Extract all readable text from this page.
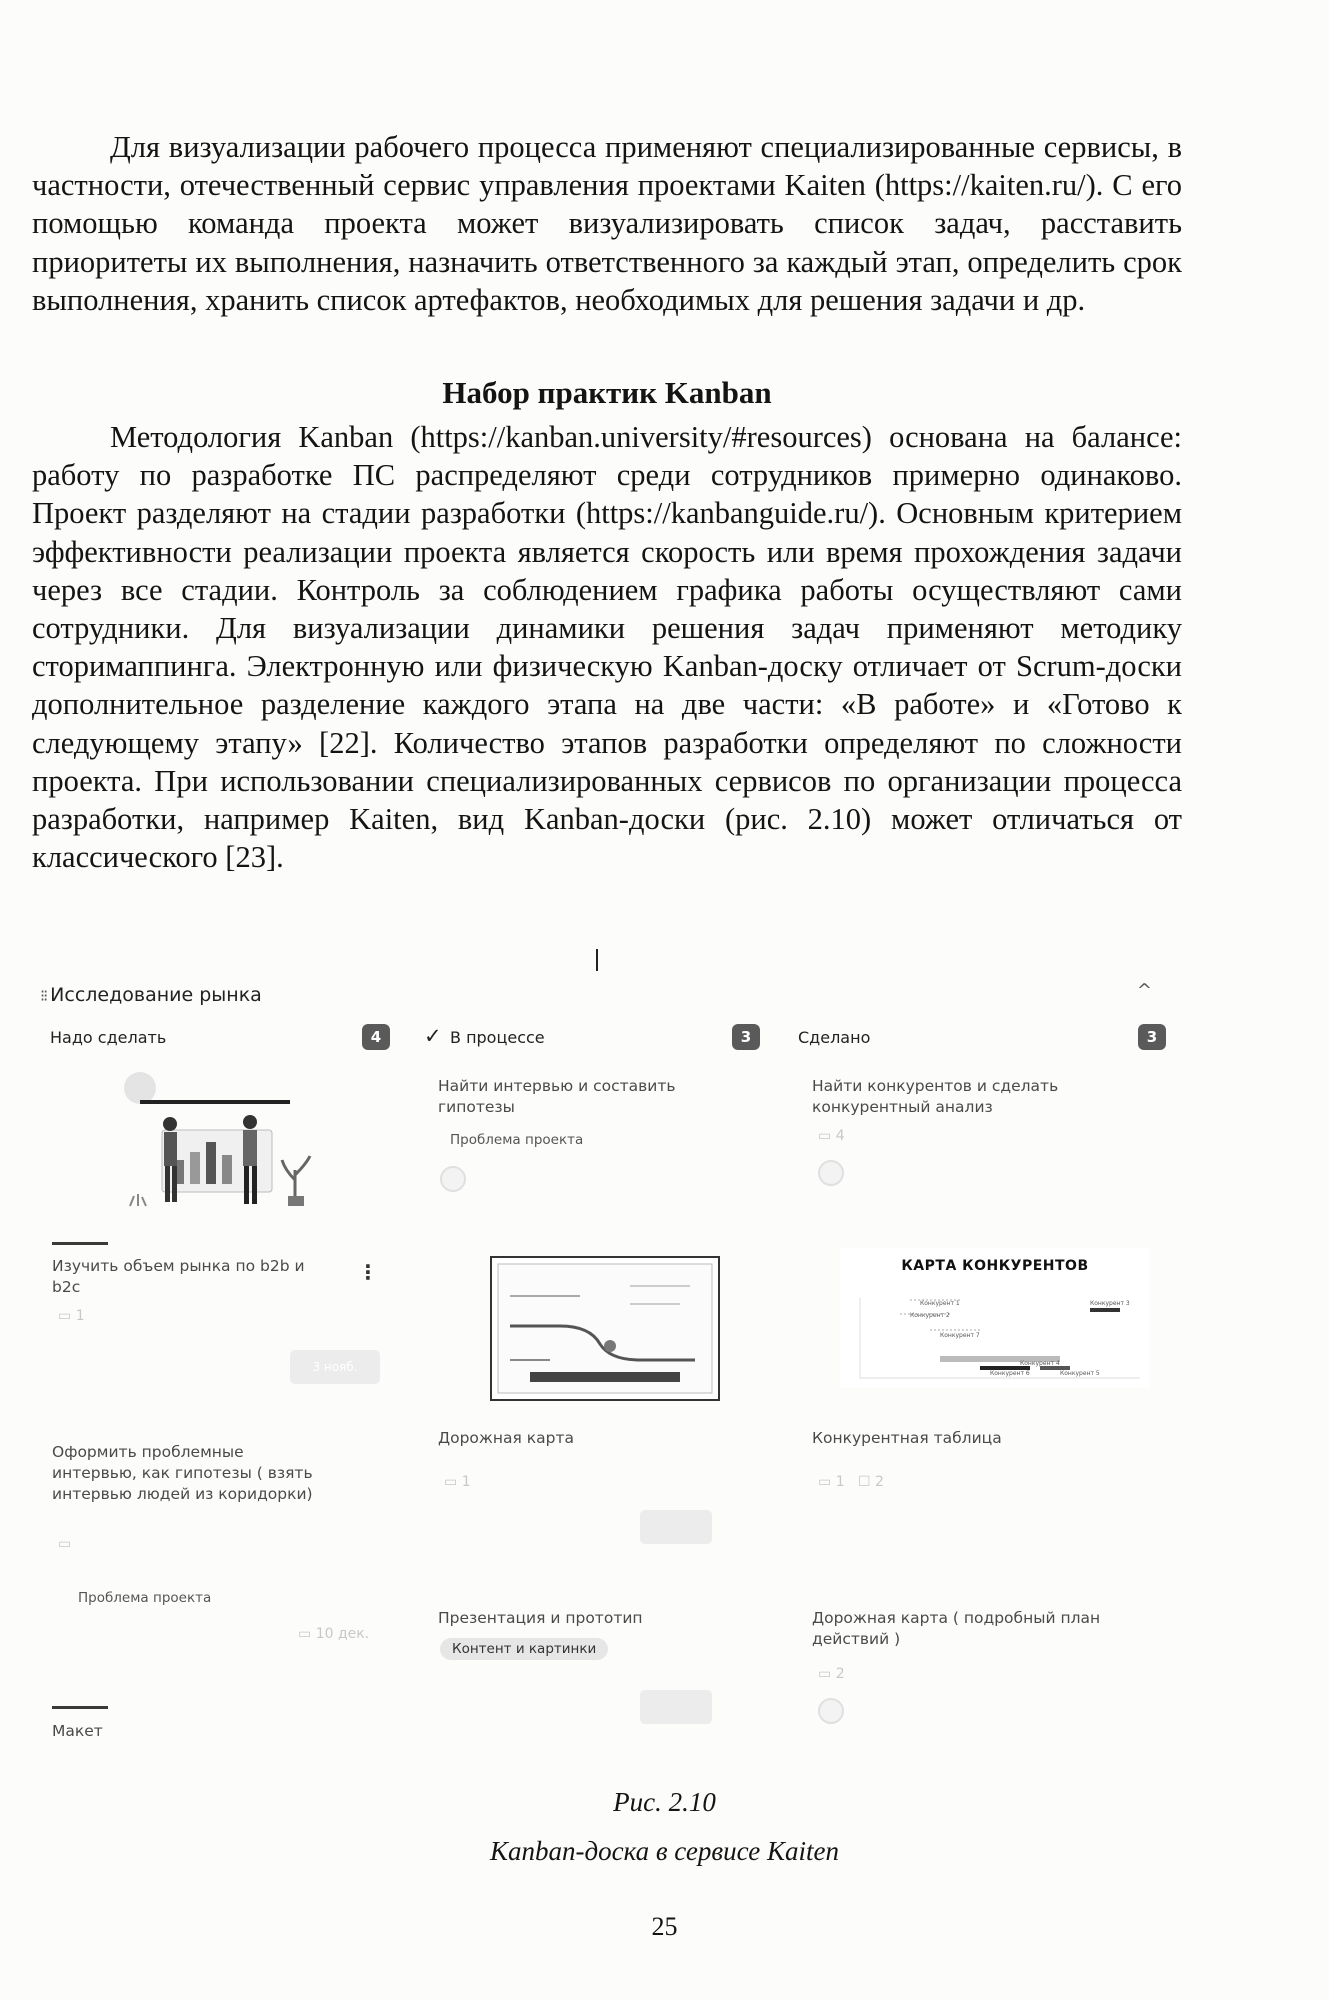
Для визуализации рабочего процесса применяют специализированные сервисы, в частности, отечественный сервис управления проектами Kaiten (https://kaiten.ru/). С его помощью команда проекта может визуализировать список задач, расставить приоритеты их выполнения, назначить ответственного за каждый этап, определить срок выполнения, хранить список артефактов, необходимых для решения задачи и др.

Набор практик Kanban

Методология Kanban (https://kanban.university/#resources) основана на балансе: работу по разработке ПС распределяют среди сотрудников примерно одинаково. Проект разделяют на стадии разработки (https://kanbanguide.ru/). Основным критерием эффективности реализации проекта является скорость или время прохождения задачи через все стадии. Контроль за соблюдением графика работы осуществляют сами сотрудники. Для визуализации динамики решения задач применяют методику сторимаппинга. Электронную или физическую Kanban-доску отличает от Scrum-доски дополнительное разделение каждого этапа на две части: «В работе» и «Готово к следующему этапу» [22]. Количество этапов разработки определяют по сложности проекта. При использовании специализированных сервисов по организации процесса разработки, например Kaiten, вид Kanban-доски (рис. 2.10) может отличаться от классического [23].

⁝⁝ Исследование рынка	^
Надо сделать	4	✓ В процессе	3	Сделано	3
Изучить объем рынка по b2b и b2c
⋮
▭ 1
3 нояб.
Оформить проблемные интервью, как гипотезы ( взять интервью людей из коридорки)
▭
Проблема проекта
▭ 10 дек.
Макет
Найти интервью и составить гипотезы
Проблема проекта
Дорожная карта
▭ 1
Презентация и прототип
Контент и картинки
Найти конкурентов и сделать конкурентный анализ
▭ 4
КАРТА КОНКУРЕНТОВ
Конкурент 1
Конкурент 2
Конкурент 3
Конкурент 4
Конкурент 5
Конкурент 6
Конкурент 7
Конкурентная таблица
▭ 1   ☐ 2
Дорожная карта ( подробный план действий )
▭ 2

Рис. 2.10

Kanban-доска в сервисе Kaiten

25
